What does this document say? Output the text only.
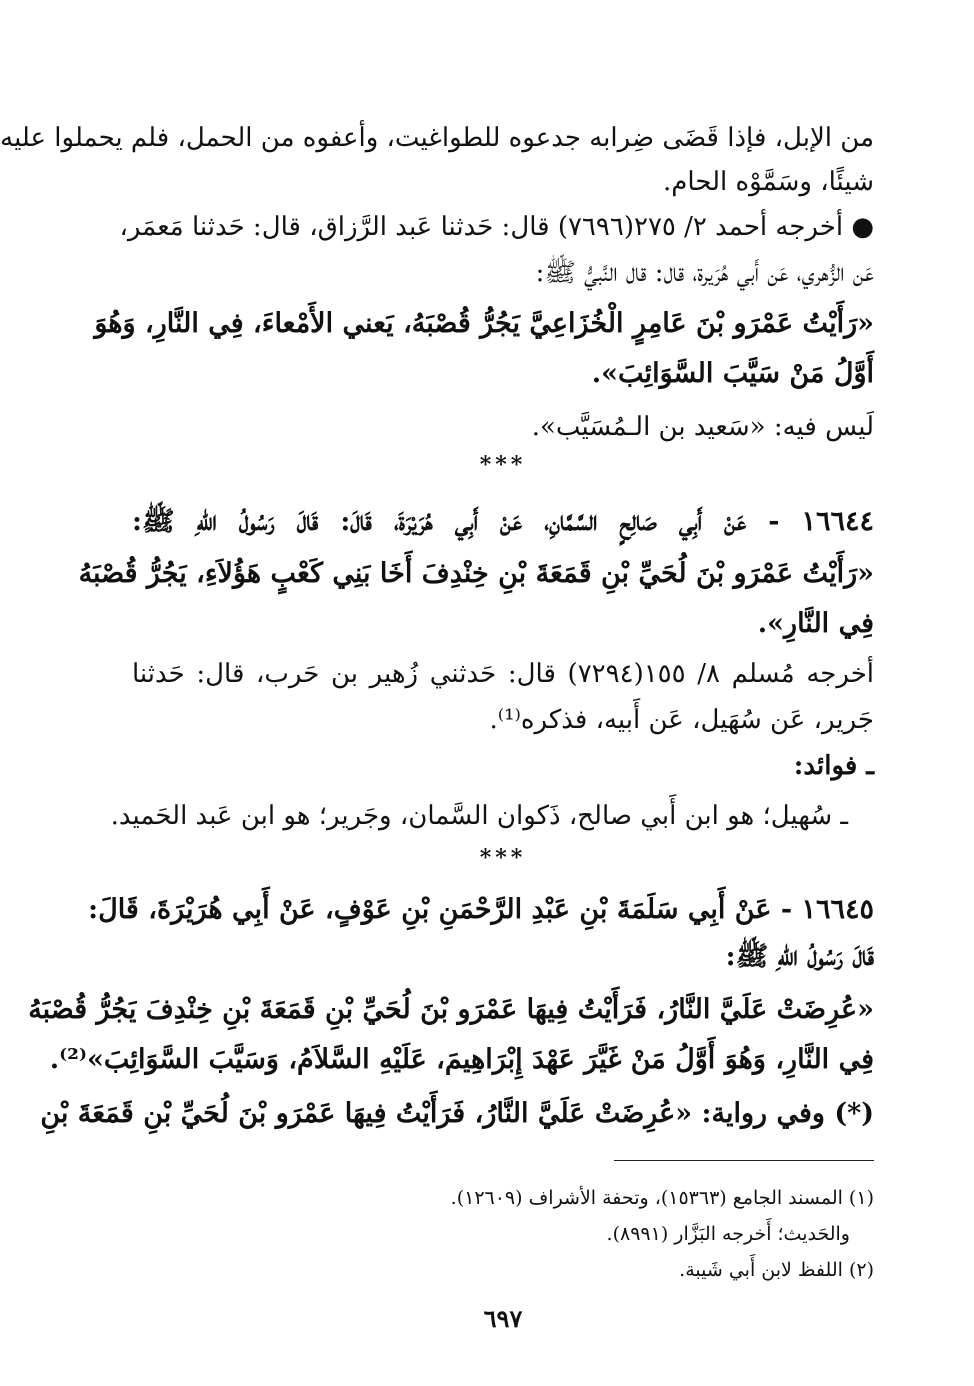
من الإبل، فإذا قَضَى ضِرابه جدعوه للطواغيت، وأعفوه من الحمل، فلم يحملوا عليه
شيئًا، وسَمَّوْه الحام.
● أخرجه أحمد ٢/ ٢٧٥(٧٦٩٦) قال: حَدثنا عَبد الرَّزاق، قال: حَدثنا مَعمَر،
عَن الزُّهري، عَن أَبي هُرَيرة، قال: قال النَّبيُّ ﷺ:
«رَأَيْتُ عَمْرَو بْنَ عَامِرٍ الْخُزَاعِيَّ يَجُرُّ قُصْبَهُ، يَعني الأَمْعاءَ، فِي النَّارِ، وَهُوَ
أَوَّلُ مَنْ سَيَّبَ السَّوَائِبَ».
لَيس فيه: «سَعيد بن الـمُسَيَّب».
***
١٦٦٤٤ - عَنْ أَبِي صَالِحٍ السَّمَّانِ، عَنْ أَبِي هُرَيْرَةَ، قَالَ: قَالَ رَسُولُ اللهِ ﷺ:
«رَأَيْتُ عَمْرَو بْنَ لُحَيِّ بْنِ قَمَعَةَ بْنِ خِنْدِفَ أَخَا بَنِي كَعْبٍ هَؤُلاَءِ، يَجُرُّ قُصْبَهُ
فِي النَّارِ».
أخرجه مُسلم ٨/ ١٥٥(٧٢٩٤) قال: حَدثني زُهير بن حَرب، قال: حَدثنا
جَرير، عَن سُهَيل، عَن أَبيه، فذكره⁽¹⁾.
ـ فوائد:
ـ سُهيل؛ هو ابن أَبي صالح، ذَكوان السَّمان، وجَرير؛ هو ابن عَبد الحَميد.
***
١٦٦٤٥ - عَنْ أَبِي سَلَمَةَ بْنِ عَبْدِ الرَّحْمَنِ بْنِ عَوْفٍ، عَنْ أَبِي هُرَيْرَةَ، قَالَ:
قَالَ رَسُولُ اللهِ ﷺ:
«عُرِضَتْ عَلَيَّ النَّارُ، فَرَأَيْتُ فِيهَا عَمْرَو بْنَ لُحَيِّ بْنِ قَمَعَةَ بْنِ خِنْدِفَ يَجُرُّ قُصْبَهُ
فِي النَّارِ، وَهُوَ أَوَّلُ مَنْ غَيَّرَ عَهْدَ إِبْرَاهِيمَ، عَلَيْهِ السَّلاَمُ، وَسَيَّبَ السَّوَائِبَ»⁽²⁾.
(*) وفي رواية: «عُرِضَتْ عَلَيَّ النَّارُ، فَرَأَيْتُ فِيهَا عَمْرَو بْنَ لُحَيِّ بْنِ قَمَعَةَ بْنِ
(١) المسند الجامع (١٥٣٦٣)، وتحفة الأشراف (١٢٦٠٩).
والحَديث؛ أَخرجه البَزَّار (٨٩٩١).
(٢) اللفظ لابن أَبي شَيبة.
٦٩٧
